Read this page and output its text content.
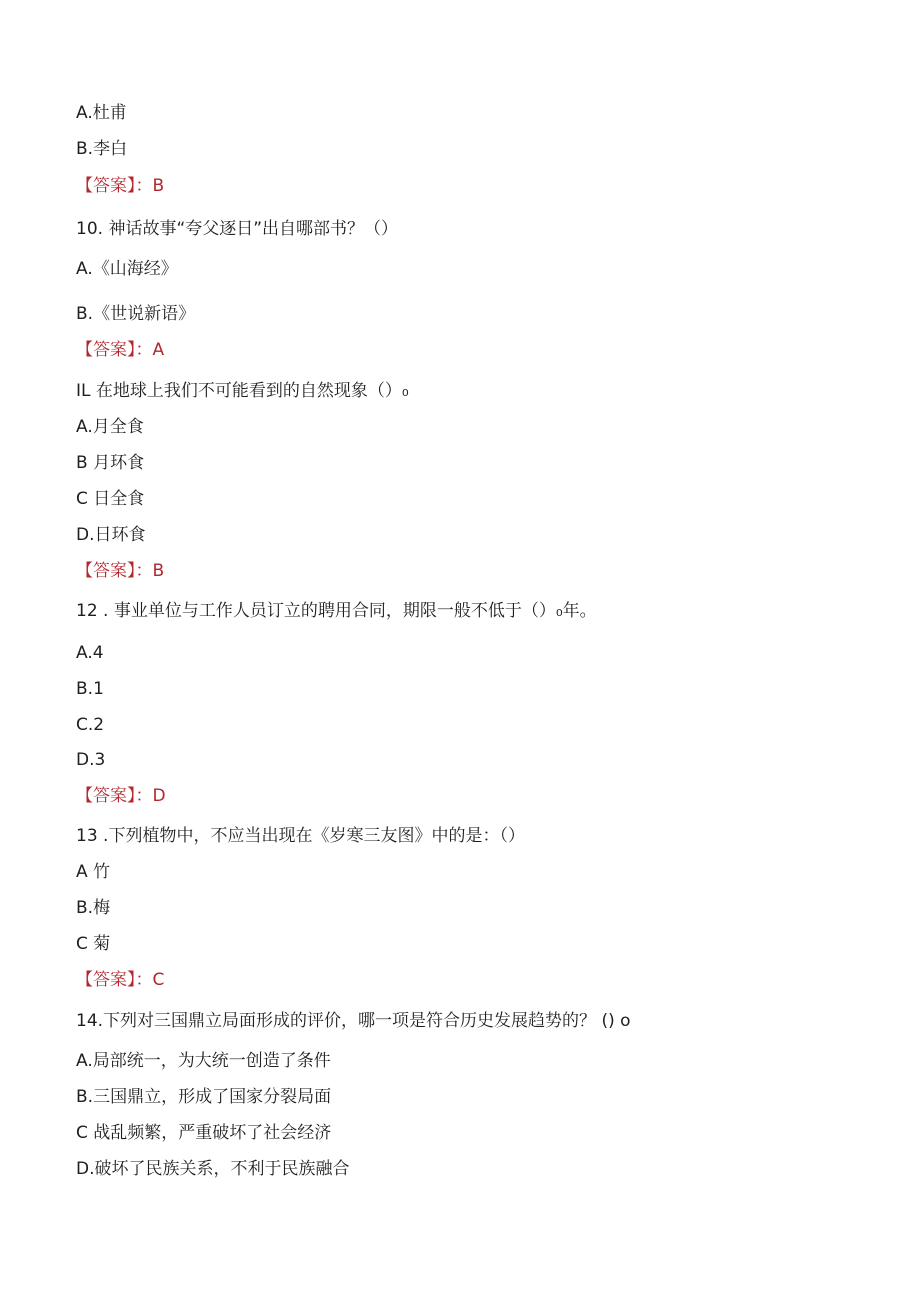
A.杜甫

B.李白

【答案】：B

10. 神话故事“夸父逐日”出自哪部书？（）

A.《山海经》

B.《世说新语》

【答案】：A

IL 在地球上我们不可能看到的自然现象（）₀

A.月全食

B 月环食

C 日全食

D.日环食

【答案】：B

12 . 事业单位与工作人员订立的聘用合同，期限一般不低于（）₀年。

A.4

B.1

C.2

D.3

【答案】：D

13 .下列植物中，不应当出现在《岁寒三友图》中的是：（）

A 竹

B.梅

C 菊

【答案】：C

14.下列对三国鼎立局面形成的评价，哪一项是符合历史发展趋势的？ () o

A.局部统一，为大统一创造了条件

B.三国鼎立，形成了国家分裂局面

C 战乱频繁，严重破坏了社会经济

D.破坏了民族关系，不利于民族融合
